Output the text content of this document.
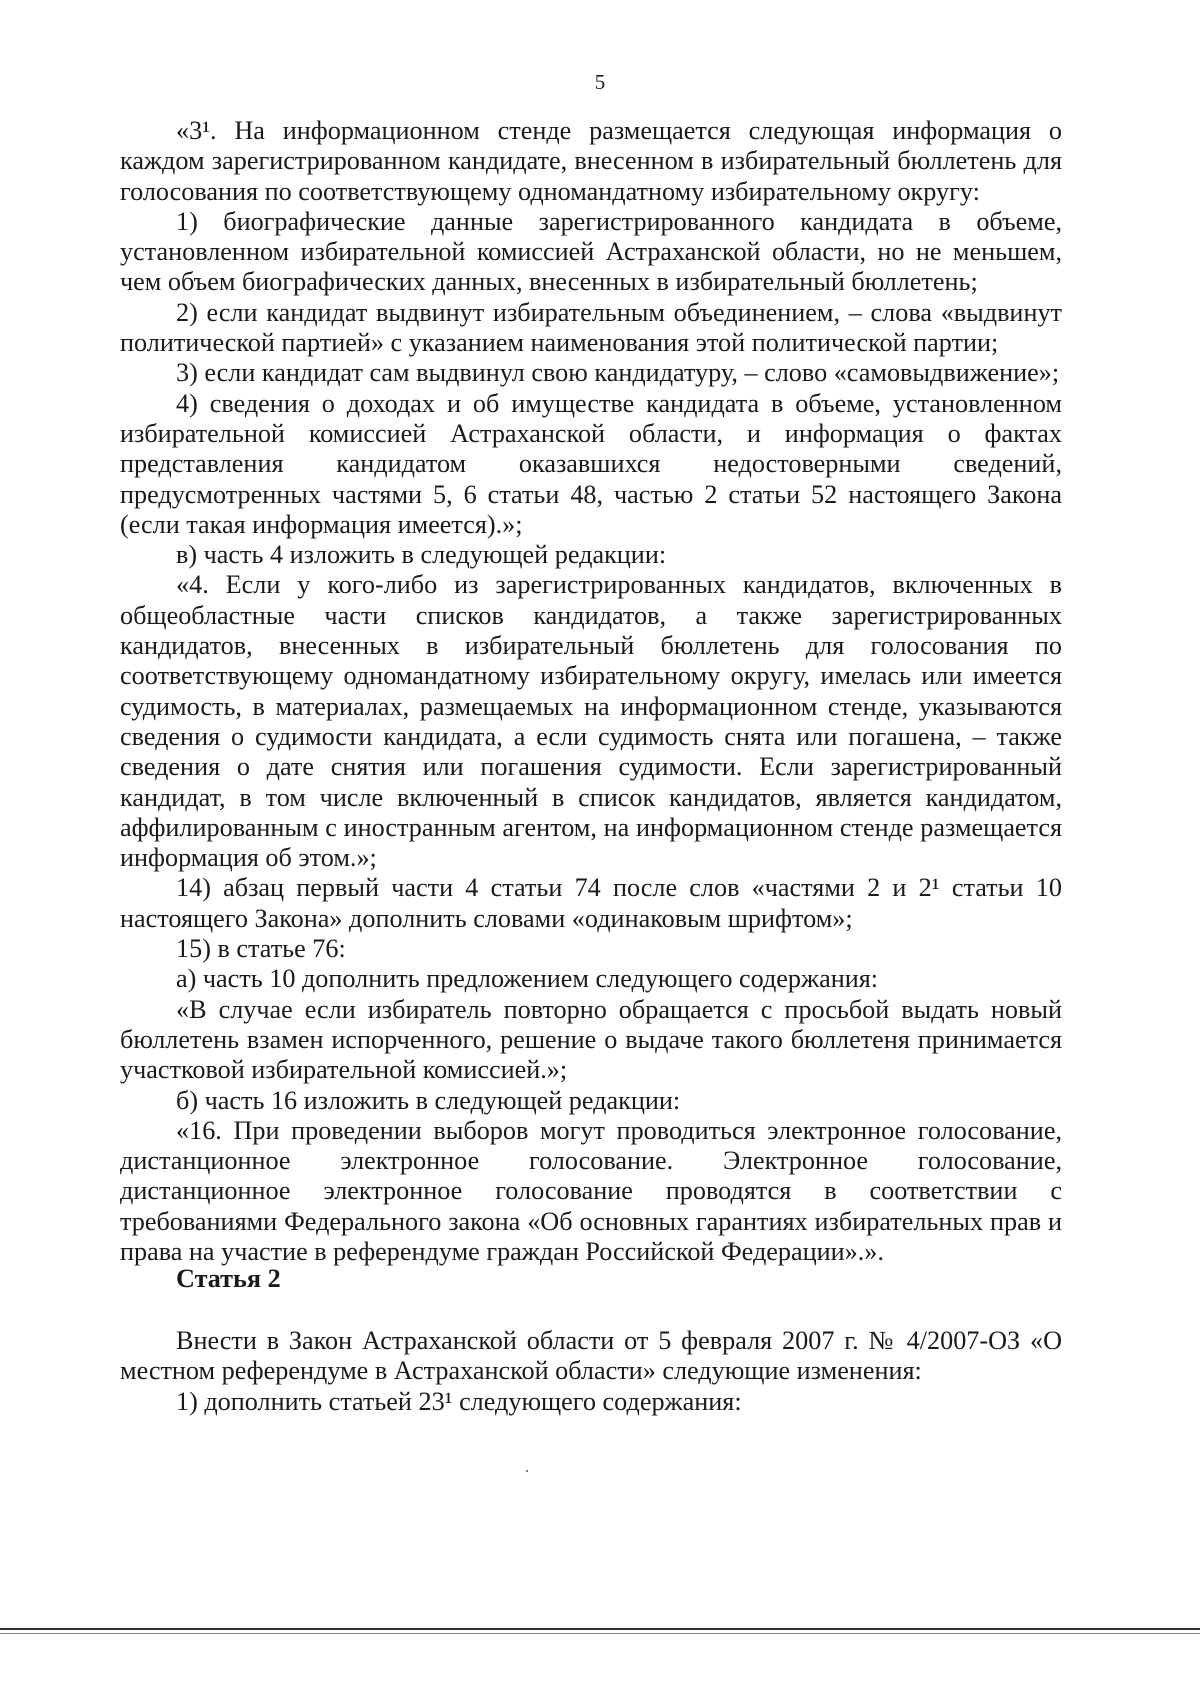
5

«3¹. На информационном стенде размещается следующая информация о каждом зарегистрированном кандидате, внесенном в избирательный бюллетень для голосования по соответствующему одномандатному избирательному округу:

1) биографические данные зарегистрированного кандидата в объеме, установленном избирательной комиссией Астраханской области, но не меньшем, чем объем биографических данных, внесенных в избирательный бюллетень;

2) если кандидат выдвинут избирательным объединением, – слова «выдвинут политической партией» с указанием наименования этой политической партии;

3) если кандидат сам выдвинул свою кандидатуру, – слово «самовыдвижение»;

4) сведения о доходах и об имуществе кандидата в объеме, установленном избирательной комиссией Астраханской области, и информация о фактах представления кандидатом оказавшихся недостоверными сведений, предусмотренных частями 5, 6 статьи 48, частью 2 статьи 52 настоящего Закона (если такая информация имеется).»;

в) часть 4 изложить в следующей редакции:

«4. Если у кого-либо из зарегистрированных кандидатов, включенных в общеобластные части списков кандидатов, а также зарегистрированных кандидатов, внесенных в избирательный бюллетень для голосования по соответствующему одномандатному избирательному округу, имелась или имеется судимость, в материалах, размещаемых на информационном стенде, указываются сведения о судимости кандидата, а если судимость снята или погашена, – также сведения о дате снятия или погашения судимости. Если зарегистрированный кандидат, в том числе включенный в список кандидатов, является кандидатом, аффилированным с иностранным агентом, на информационном стенде размещается информация об этом.»;

14) абзац первый части 4 статьи 74 после слов «частями 2 и 2¹ статьи 10 настоящего Закона» дополнить словами «одинаковым шрифтом»;

15) в статье 76:

а) часть 10 дополнить предложением следующего содержания:

«В случае если избиратель повторно обращается с просьбой выдать новый бюллетень взамен испорченного, решение о выдаче такого бюллетеня принимается участковой избирательной комиссией.»;

б) часть 16 изложить в следующей редакции:

«16. При проведении выборов могут проводиться электронное голосование, дистанционное электронное голосование. Электронное голосование, дистанционное электронное голосование проводятся в соответствии с требованиями Федерального закона «Об основных гарантиях избирательных прав и права на участие в референдуме граждан Российской Федерации».».

Статья 2

Внести в Закон Астраханской области от 5 февраля 2007 г. № 4/2007-ОЗ «О местном референдуме в Астраханской области» следующие изменения:

1) дополнить статьей 23¹ следующего содержания:
